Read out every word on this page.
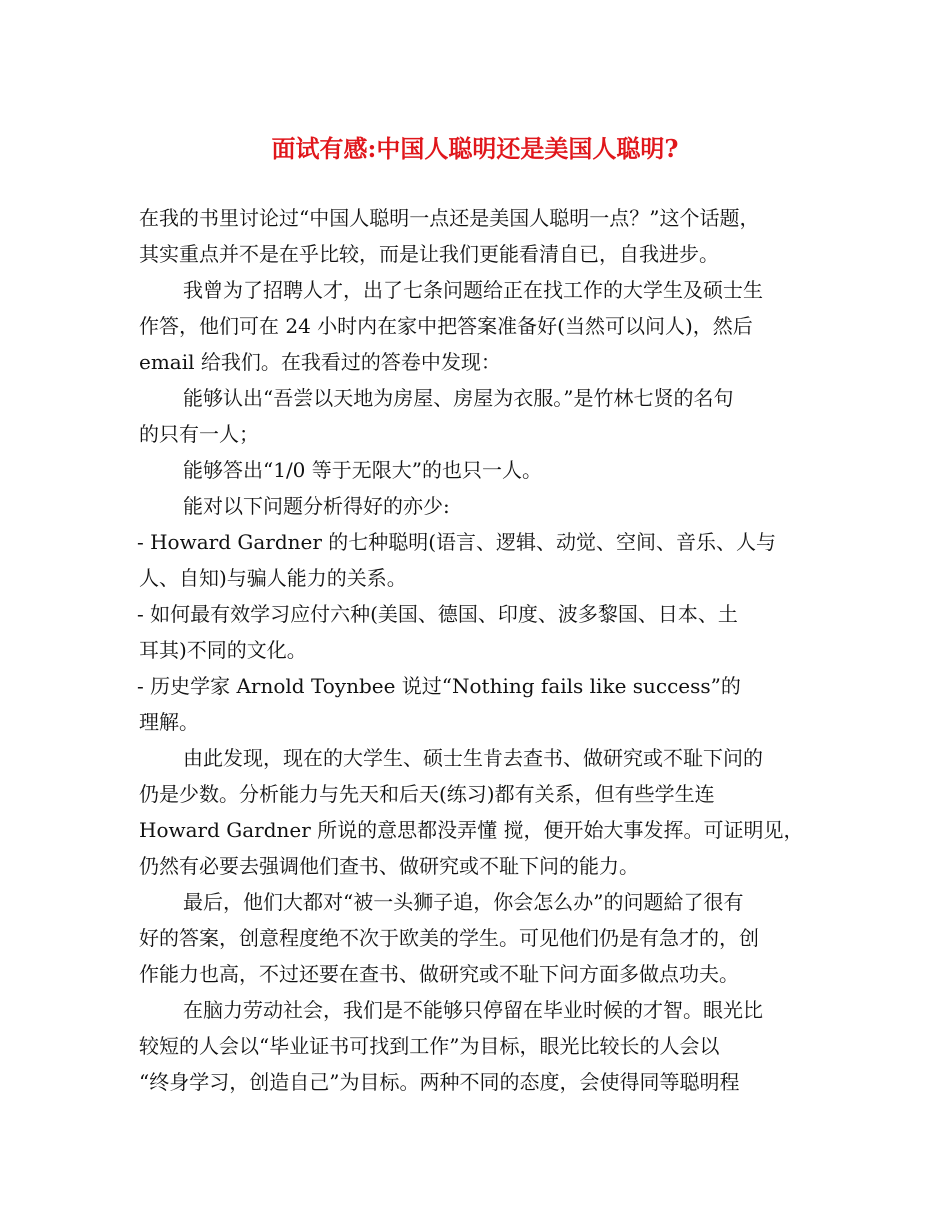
面试有感:中国人聪明还是美国人聪明?
在我的书里讨论过“中国人聪明一点还是美国人聪明一点？”这个话题，
其实重点并不是在乎比较，而是让我们更能看清自已，自我进步。
我曾为了招聘人才，出了七条问题给正在找工作的大学生及硕士生
作答，他们可在 24 小时内在家中把答案准备好(当然可以问人)，然后
email 给我们。在我看过的答卷中发现：
能够认出“吾尝以天地为房屋、房屋为衣服。”是竹林七贤的名句
的只有一人；
能够答出“1/0 等于无限大”的也只一人。
能对以下问题分析得好的亦少:
- Howard Gardner 的七种聪明(语言、逻辑、动觉、空间、音乐、人与
人、自知)与骗人能力的关系。
- 如何最有效学习应付六种(美国、德国、印度、波多黎国、日本、土
耳其)不同的文化。
- 历史学家 Arnold Toynbee 说过“Nothing fails like success”的
理解。
由此发现，现在的大学生、硕士生肯去查书、做研究或不耻下问的
仍是少数。分析能力与先天和后天(练习)都有关系，但有些学生连
Howard Gardner 所说的意思都没弄懂 搅，便开始大事发挥。可证明见，
仍然有必要去强调他们查书、做研究或不耻下问的能力。
最后，他们大都对“被一头狮子追，你会怎么办”的问题給了很有
好的答案，创意程度绝不次于欧美的学生。可见他们仍是有急才的，创
作能力也高，不过还要在查书、做研究或不耻下问方面多做点功夫。
在脑力劳动社会，我们是不能够只停留在毕业时候的才智。眼光比
较短的人会以“毕业证书可找到工作”为目标，眼光比较长的人会以
“终身学习，创造自己”为目标。两种不同的态度，会使得同等聪明程
